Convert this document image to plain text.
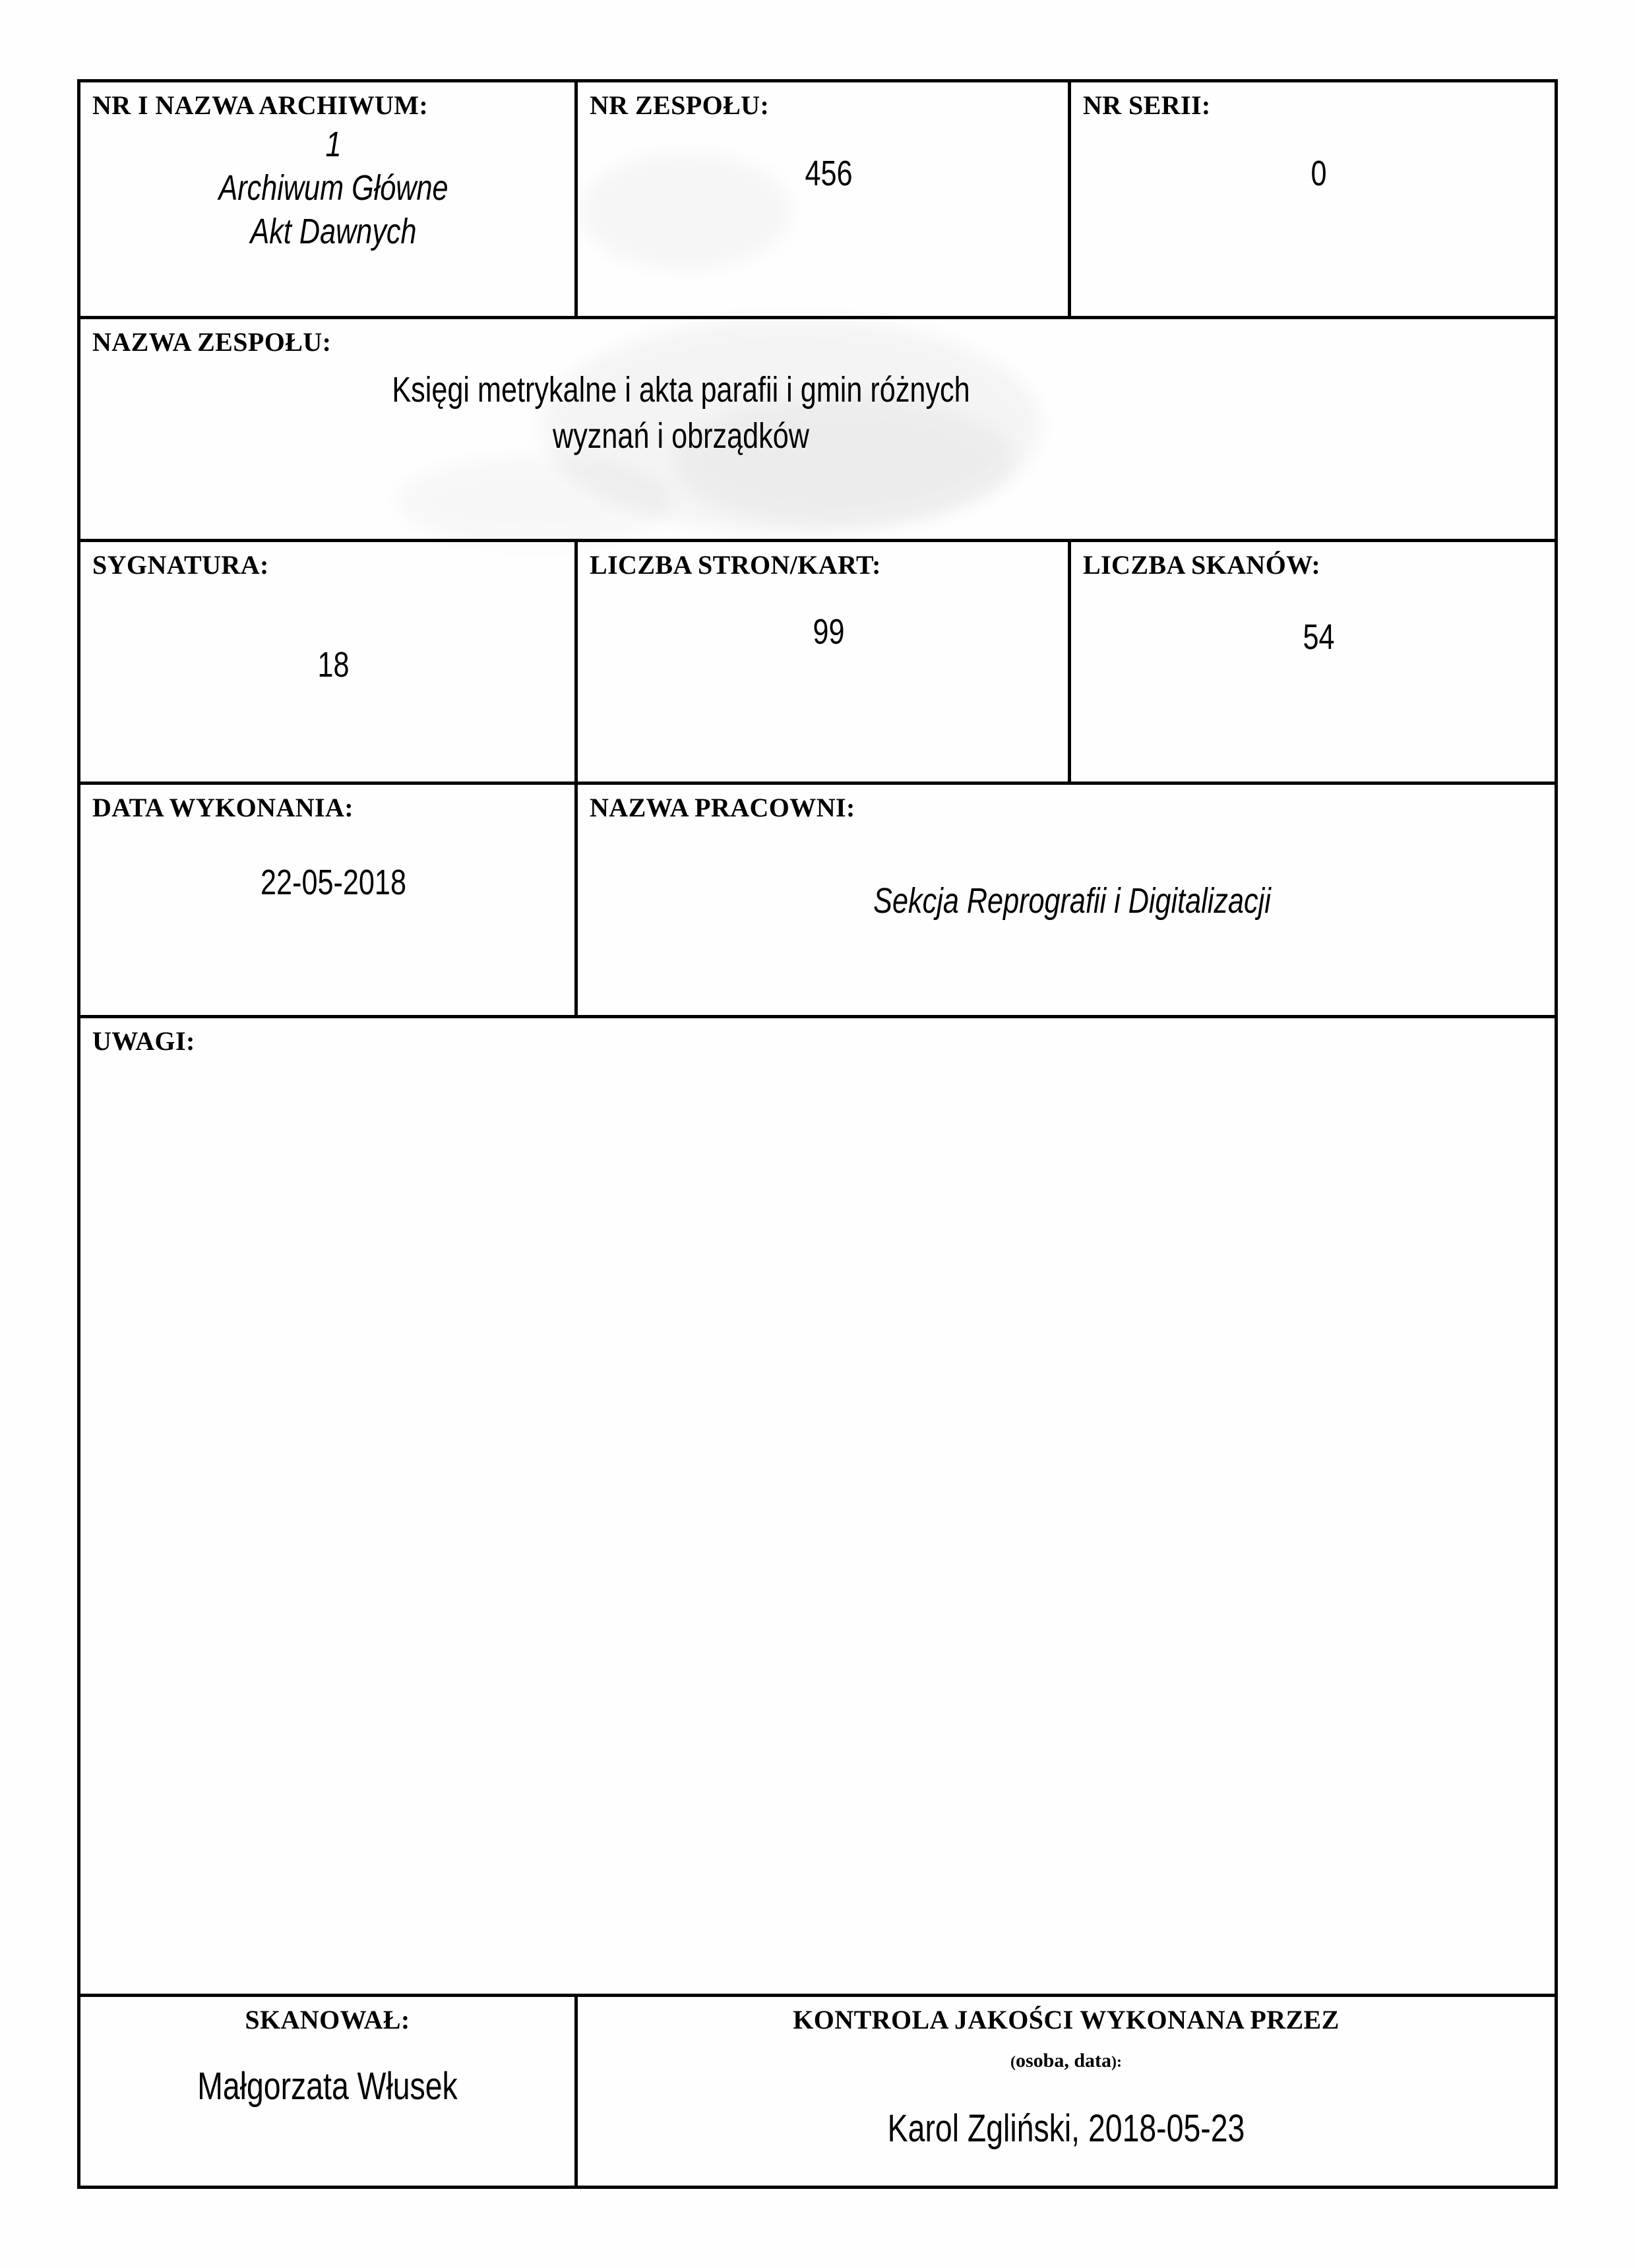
NR I NAZWA ARCHIWUM:
1
Archiwum Główne
Akt Dawnych
NR ZESPOŁU:
456
NR SERII:
0
NAZWA ZESPOŁU:
Księgi metrykalne i akta parafii i gmin różnych
wyznań i obrządków
SYGNATURA:
18
LICZBA STRON/KART:
99
LICZBA SKANÓW:
54
DATA WYKONANIA:
22-05-2018
NAZWA PRACOWNI:
Sekcja Reprografii i Digitalizacji
UWAGI:
SKANOWAŁ:
Małgorzata Włusek
KONTROLA JAKOŚCI WYKONANA PRZEZ
(osoba, data):
Karol Zgliński, 2018-05-23
